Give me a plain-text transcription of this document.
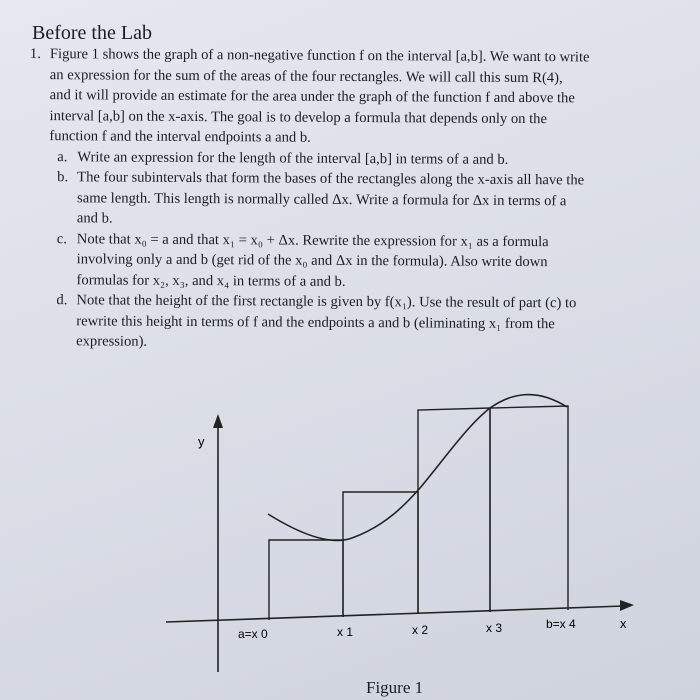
Before the Lab

1. Figure 1 shows the graph of a non-negative function f on the interval [a,b]. We want to write

an expression for the sum of the areas of the four rectangles. We will call this sum R(4),

and it will provide an estimate for the area under the graph of the function f and above the

interval [a,b] on the x-axis. The goal is to develop a formula that depends only on the

function f and the interval endpoints a and b.

a. Write an expression for the length of the interval [a,b] in terms of a and b.
b. The four subintervals that form the bases of the rectangles along the x-axis all have the
same length. This length is normally called Δx. Write a formula for Δx in terms of a
and b.
c. Note that x₀ = a and that x₁ = x₀ + Δx. Rewrite the expression for x₁ as a formula
involving only a and b (get rid of the x₀ and Δx in the formula). Also write down
formulas for x₂, x₃, and x₄ in terms of a and b.
d. Note that the height of the first rectangle is given by f(x₁). Use the result of part (c) to
rewrite this height in terms of f and the endpoints a and b (eliminating x₁ from the
expression).
y
x
a=x 0	x 1	x 2	x 3	b=x 4
Figure 1
